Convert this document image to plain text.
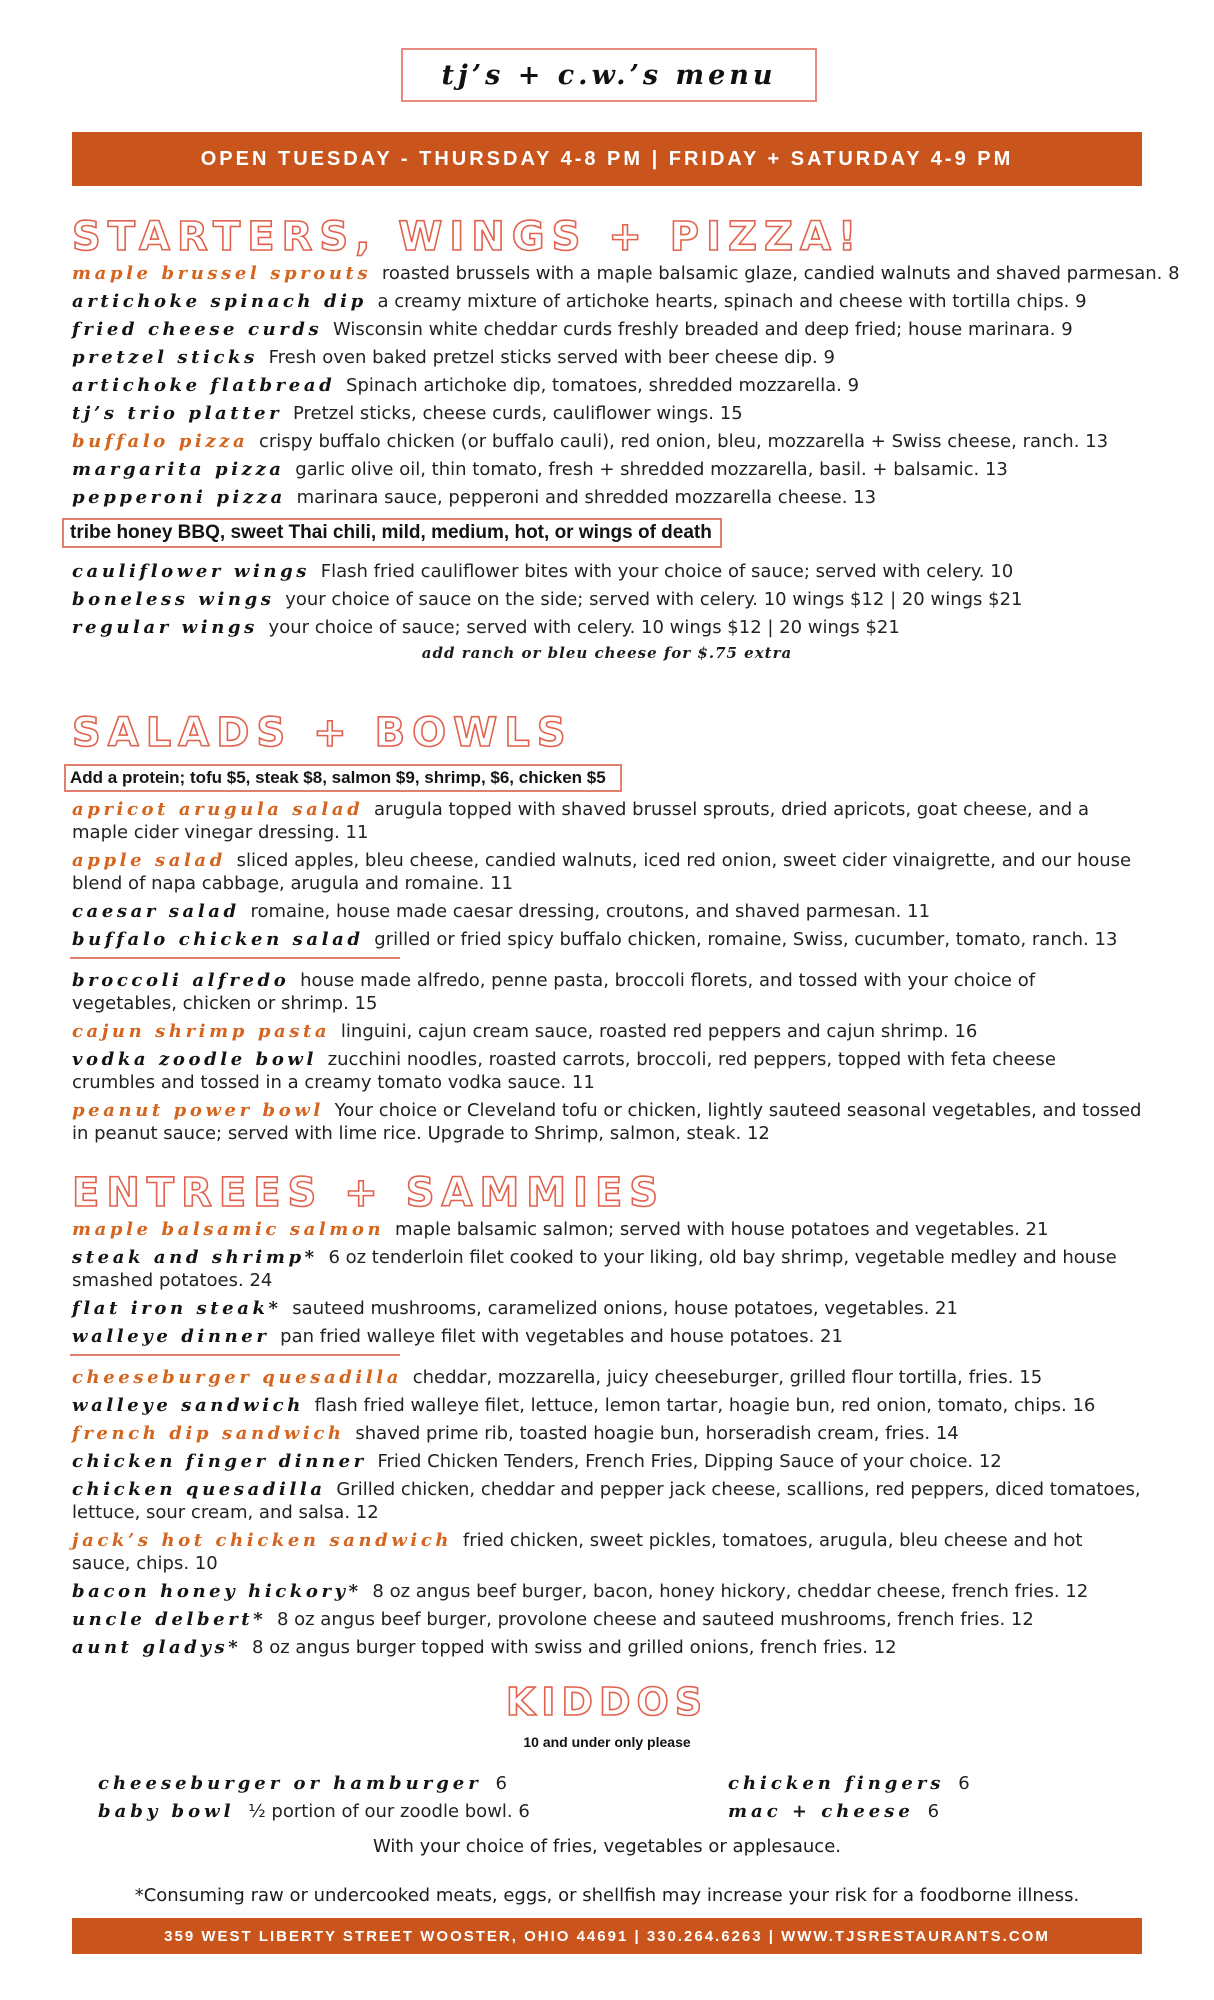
tj’s + c.w.’s menu
OPEN TUESDAY - THURSDAY 4-8 PM | FRIDAY + SATURDAY 4-9 PM
STARTERS, WINGS + PIZZA!
maple brussel sprouts roasted brussels with a maple balsamic glaze, candied walnuts and shaved parmesan. 8
artichoke spinach dip a creamy mixture of artichoke hearts, spinach and cheese with tortilla chips. 9
fried cheese curds Wisconsin white cheddar curds freshly breaded and deep fried; house marinara. 9
pretzel sticks Fresh oven baked pretzel sticks served with beer cheese dip. 9
artichoke flatbread Spinach artichoke dip, tomatoes, shredded mozzarella. 9
tj’s trio platter Pretzel sticks, cheese curds, cauliflower wings. 15
buffalo pizza crispy buffalo chicken (or buffalo cauli), red onion, bleu, mozzarella + Swiss cheese, ranch. 13
margarita pizza garlic olive oil, thin tomato, fresh + shredded mozzarella, basil. + balsamic. 13
pepperoni pizza marinara sauce, pepperoni and shredded mozzarella cheese. 13
tribe honey BBQ, sweet Thai chili, mild, medium, hot, or wings of death
cauliflower wings Flash fried cauliflower bites with your choice of sauce; served with celery. 10
boneless wings your choice of sauce on the side; served with celery. 10 wings $12 | 20 wings $21
regular wings your choice of sauce; served with celery. 10 wings $12 | 20 wings $21
add ranch or bleu cheese for $.75 extra
SALADS + BOWLS
Add a protein; tofu $5, steak $8, salmon $9, shrimp, $6, chicken $5
apricot arugula salad arugula topped with shaved brussel sprouts, dried apricots, goat cheese, and a maple cider vinegar dressing. 11
apple salad sliced apples, bleu cheese, candied walnuts, iced red onion, sweet cider vinaigrette, and our house blend of napa cabbage, arugula and romaine. 11
caesar salad romaine, house made caesar dressing, croutons, and shaved parmesan. 11
buffalo chicken salad grilled or fried spicy buffalo chicken, romaine, Swiss, cucumber, tomato, ranch. 13
broccoli alfredo house made alfredo, penne pasta, broccoli florets, and tossed with your choice of vegetables, chicken or shrimp. 15
cajun shrimp pasta linguini, cajun cream sauce, roasted red peppers and cajun shrimp. 16
vodka zoodle bowl zucchini noodles, roasted carrots, broccoli, red peppers, topped with feta cheese crumbles and tossed in a creamy tomato vodka sauce. 11
peanut power bowl Your choice or Cleveland tofu or chicken, lightly sauteed seasonal vegetables, and tossed in peanut sauce; served with lime rice. Upgrade to Shrimp, salmon, steak. 12
ENTREES + SAMMIES
maple balsamic salmon maple balsamic salmon; served with house potatoes and vegetables. 21
steak and shrimp* 6 oz tenderloin filet cooked to your liking, old bay shrimp, vegetable medley and house smashed potatoes. 24
flat iron steak* sauteed mushrooms, caramelized onions, house potatoes, vegetables. 21
walleye dinner pan fried walleye filet with vegetables and house potatoes. 21
cheeseburger quesadilla cheddar, mozzarella, juicy cheeseburger, grilled flour tortilla, fries. 15
walleye sandwich flash fried walleye filet, lettuce, lemon tartar, hoagie bun, red onion, tomato, chips. 16
french dip sandwich shaved prime rib, toasted hoagie bun, horseradish cream, fries. 14
chicken finger dinner Fried Chicken Tenders, French Fries, Dipping Sauce of your choice. 12
chicken quesadilla Grilled chicken, cheddar and pepper jack cheese, scallions, red peppers, diced tomatoes, lettuce, sour cream, and salsa. 12
jack’s hot chicken sandwich fried chicken, sweet pickles, tomatoes, arugula, bleu cheese and hot sauce, chips. 10
bacon honey hickory* 8 oz angus beef burger, bacon, honey hickory, cheddar cheese, french fries. 12
uncle delbert* 8 oz angus beef burger, provolone cheese and sauteed mushrooms, french fries. 12
aunt gladys* 8 oz angus burger topped with swiss and grilled onions, french fries. 12
KIDDOS
10 and under only please
cheeseburger or hamburger 6
baby bowl ½ portion of our zoodle bowl. 6
chicken fingers 6
mac + cheese 6
With your choice of fries, vegetables or applesauce.
*Consuming raw or undercooked meats, eggs, or shellfish may increase your risk for a foodborne illness.
359 WEST LIBERTY STREET WOOSTER, OHIO 44691 | 330.264.6263 | WWW.TJSRESTAURANTS.COM
